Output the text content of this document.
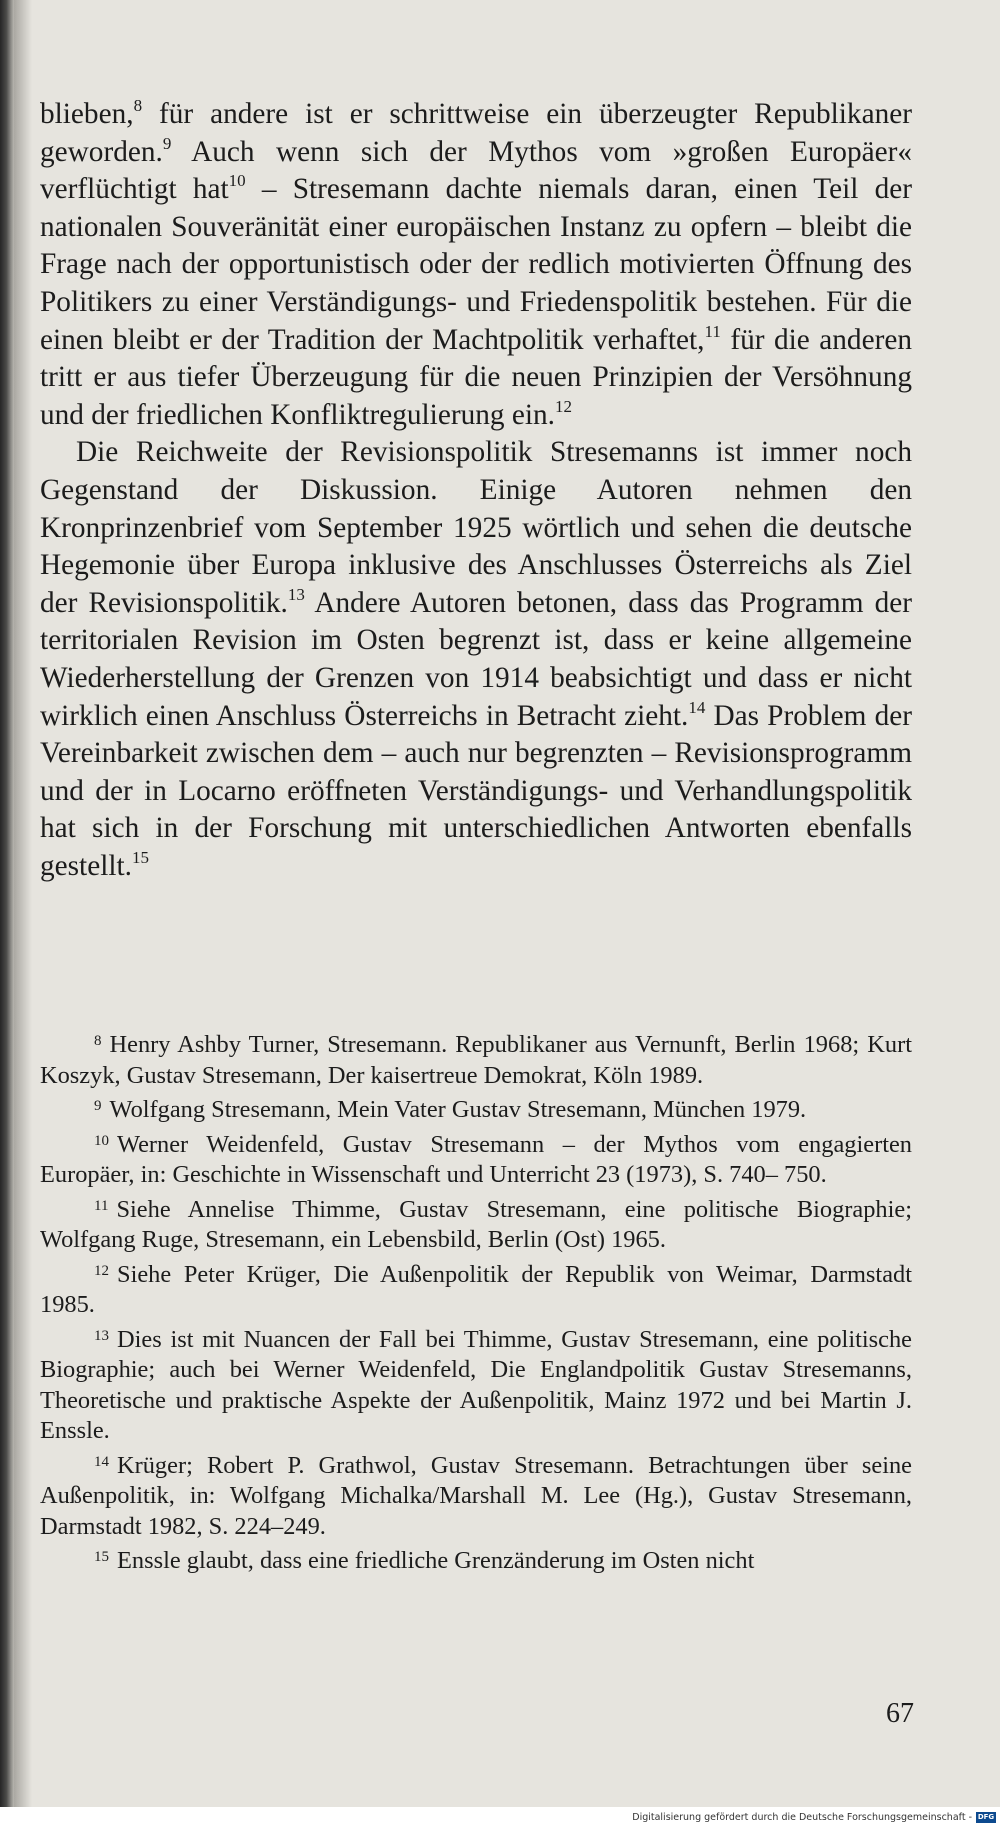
blieben,$^8$ für andere ist er schrittweise ein überzeugter Republikaner geworden.$^9$ Auch wenn sich der Mythos vom »großen Europäer« verflüchtigt hat$^{10}$ – Stresemann dachte niemals daran, einen Teil der nationalen Souveränität einer europäischen Instanz zu opfern – bleibt die Frage nach der opportunistisch oder der redlich motivierten Öffnung des Politikers zu einer Verständigungs- und Friedenspolitik bestehen. Für die einen bleibt er der Tradition der Machtpolitik verhaftet,$^{11}$ für die anderen tritt er aus tiefer Überzeugung für die neuen Prinzipien der Versöhnung und der friedlichen Konfliktregulierung ein.$^{12}$

Die Reichweite der Revisionspolitik Stresemanns ist immer noch Gegenstand der Diskussion. Einige Autoren nehmen den Kronprinzenbrief vom September 1925 wörtlich und sehen die deutsche Hegemonie über Europa inklusive des Anschlusses Österreichs als Ziel der Revisionspolitik.$^{13}$ Andere Autoren betonen, dass das Programm der territorialen Revision im Osten begrenzt ist, dass er keine allgemeine Wiederherstellung der Grenzen von 1914 beabsichtigt und dass er nicht wirklich einen Anschluss Österreichs in Betracht zieht.$^{14}$ Das Problem der Vereinbarkeit zwischen dem – auch nur begrenzten – Revisionsprogramm und der in Locarno eröffneten Verständigungs- und Verhandlungspolitik hat sich in der Forschung mit unterschiedlichen Antworten ebenfalls gestellt.$^{15}$

$^8$ Henry Ashby Turner, Stresemann. Republikaner aus Vernunft, Berlin 1968; Kurt Koszyk, Gustav Stresemann, Der kaisertreue Demokrat, Köln 1989.

$^9$ Wolfgang Stresemann, Mein Vater Gustav Stresemann, München 1979.

$^{10}$ Werner Weidenfeld, Gustav Stresemann – der Mythos vom engagierten Europäer, in: Geschichte in Wissenschaft und Unterricht 23 (1973), S. 740– 750.

$^{11}$ Siehe Annelise Thimme, Gustav Stresemann, eine politische Biographie; Wolfgang Ruge, Stresemann, ein Lebensbild, Berlin (Ost) 1965.

$^{12}$ Siehe Peter Krüger, Die Außenpolitik der Republik von Weimar, Darmstadt 1985.

$^{13}$ Dies ist mit Nuancen der Fall bei Thimme, Gustav Stresemann, eine politische Biographie; auch bei Werner Weidenfeld, Die Englandpolitik Gustav Stresemanns, Theoretische und praktische Aspekte der Außenpolitik, Mainz 1972 und bei Martin J. Enssle.

$^{14}$ Krüger; Robert P. Grathwol, Gustav Stresemann. Betrachtungen über seine Außenpolitik, in: Wolfgang Michalka/Marshall M. Lee (Hg.), Gustav Stresemann, Darmstadt 1982, S. 224–249.

$^{15}$ Enssle glaubt, dass eine friedliche Grenzänderung im Osten nicht

67
Digitalisierung gefördert durch die Deutsche Forschungsgemeinschaft - DFG
